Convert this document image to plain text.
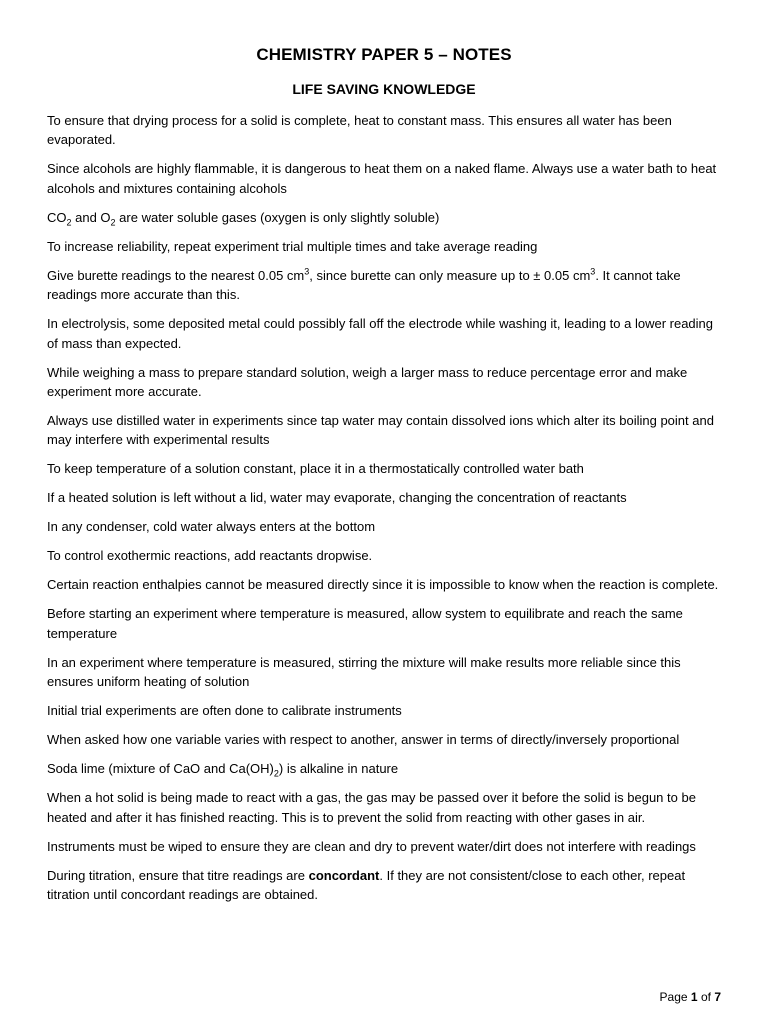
CHEMISTRY PAPER 5 – NOTES
LIFE SAVING KNOWLEDGE

To ensure that drying process for a solid is complete, heat to constant mass. This ensures all water has been evaporated.

Since alcohols are highly flammable, it is dangerous to heat them on a naked flame. Always use a water bath to heat alcohols and mixtures containing alcohols

$CO_2$ and $O_2$ are water soluble gases (oxygen is only slightly soluble)

To increase reliability, repeat experiment trial multiple times and take average reading

Give burette readings to the nearest 0.05 $cm^3$, since burette can only measure up to ± 0.05 $cm^3$. It cannot take readings more accurate than this.

In electrolysis, some deposited metal could possibly fall off the electrode while washing it, leading to a lower reading of mass than expected.

While weighing a mass to prepare standard solution, weigh a larger mass to reduce percentage error and make experiment more accurate.

Always use distilled water in experiments since tap water may contain dissolved ions which alter its boiling point and may interfere with experimental results

To keep temperature of a solution constant, place it in a thermostatically controlled water bath

If a heated solution is left without a lid, water may evaporate, changing the concentration of reactants

In any condenser, cold water always enters at the bottom

To control exothermic reactions, add reactants dropwise.

Certain reaction enthalpies cannot be measured directly since it is impossible to know when the reaction is complete.

Before starting an experiment where temperature is measured, allow system to equilibrate and reach the same temperature

In an experiment where temperature is measured, stirring the mixture will make results more reliable since this ensures uniform heating of solution

Initial trial experiments are often done to calibrate instruments

When asked how one variable varies with respect to another, answer in terms of directly/inversely proportional

Soda lime (mixture of CaO and $Ca(OH)_2$) is alkaline in nature

When a hot solid is being made to react with a gas, the gas may be passed over it before the solid is begun to be heated and after it has finished reacting. This is to prevent the solid from reacting with other gases in air.

Instruments must be wiped to ensure they are clean and dry to prevent water/dirt does not interfere with readings

During titration, ensure that titre readings are concordant. If they are not consistent/close to each other, repeat titration until concordant readings are obtained.

Page 1 of 7
